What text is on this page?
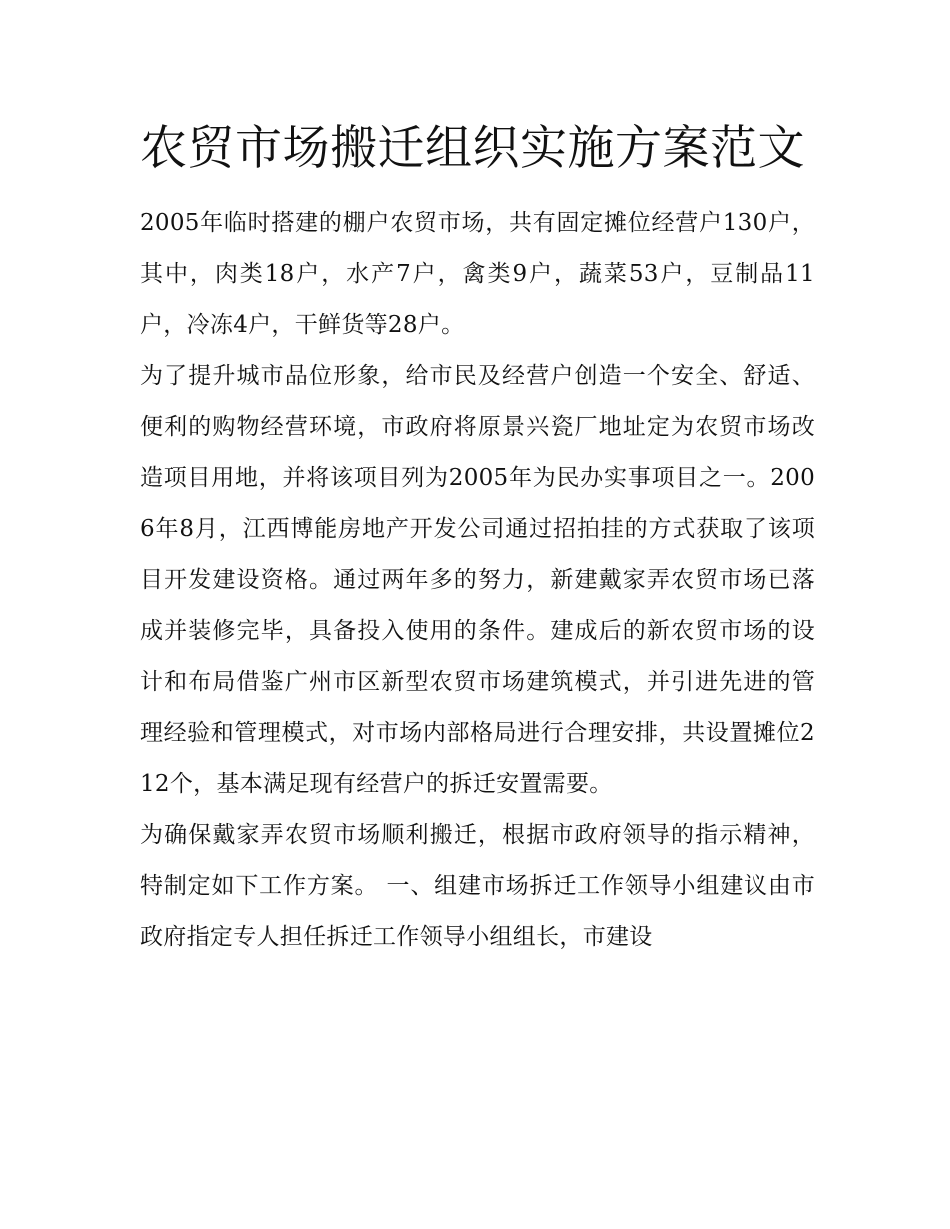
农贸市场搬迁组织实施方案范文

2005年临时搭建的棚户农贸市场，共有固定摊位经营户130户，其中，肉类18户，水产7户，禽类9户，蔬菜53户，豆制品11户，冷冻4户，干鲜货等28户。

为了提升城市品位形象，给市民及经营户创造一个安全、舒适、便利的购物经营环境，市政府将原景兴瓷厂地址定为农贸市场改造项目用地，并将该项目列为2005年为民办实事项目之一。2006年8月，江西博能房地产开发公司通过招拍挂的方式获取了该项目开发建设资格。通过两年多的努力，新建戴家弄农贸市场已落成并装修完毕，具备投入使用的条件。建成后的新农贸市场的设计和布局借鉴广州市区新型农贸市场建筑模式，并引进先进的管理经验和管理模式，对市场内部格局进行合理安排，共设置摊位212个，基本满足现有经营户的拆迁安置需要。

为确保戴家弄农贸市场顺利搬迁，根据市政府领导的指示精神，特制定如下工作方案。 一、组建市场拆迁工作领导小组建议由市政府指定专人担任拆迁工作领导小组组长，市建设
